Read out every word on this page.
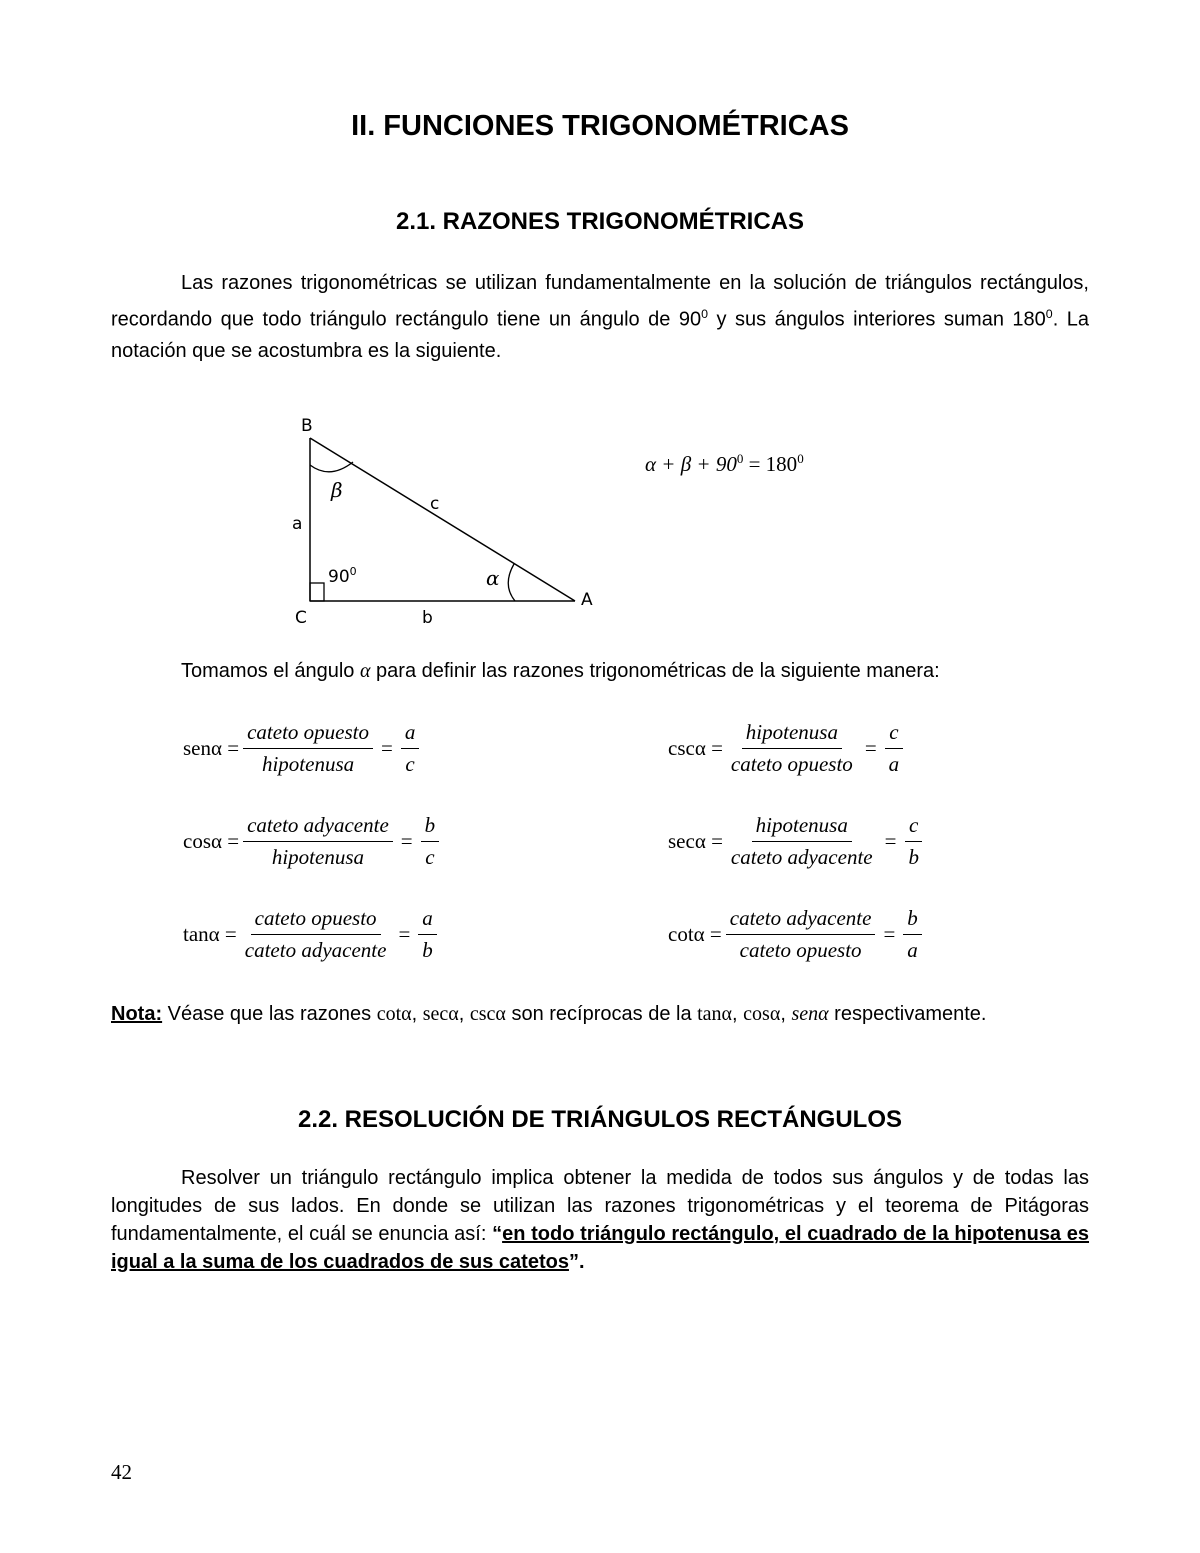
II. FUNCIONES TRIGONOMÉTRICAS
2.1. RAZONES TRIGONOMÉTRICAS
Las razones trigonométricas se utilizan fundamentalmente en la solución de triángulos rectángulos, recordando que todo triángulo rectángulo tiene un ángulo de $90^0$ y sus ángulos interiores suman $180^0$. La notación que se acostumbra es la siguiente.
B
C
A
a
b
c
β
α
$90^0$
$\alpha + \beta + 90^0 = 180^0$
Tomamos el ángulo α para definir las razones trigonométricas de la siguiente manera:
$sen\alpha = \frac{\text{cateto opuesto}}{\text{hipotenusa}} = \frac{a}{c}$	$\csc\alpha = \frac{\text{hipotenusa}}{\text{cateto opuesto}} = \frac{c}{a}$
$\cos\alpha = \frac{\text{cateto adyacente}}{\text{hipotenusa}} = \frac{b}{c}$	$\sec\alpha = \frac{\text{hipotenusa}}{\text{cateto adyacente}} = \frac{c}{b}$
$\tan\alpha = \frac{\text{cateto opuesto}}{\text{cateto adyacente}} = \frac{a}{b}$	$\cot\alpha = \frac{\text{cateto adyacente}}{\text{cateto opuesto}} = \frac{b}{a}$
Nota: Véase que las razones cotα, secα, cscα son recíprocas de la tanα, cosα, senα respectivamente.
2.2. RESOLUCIÓN DE TRIÁNGULOS RECTÁNGULOS
Resolver un triángulo rectángulo implica obtener la medida de todos sus ángulos y de todas las longitudes de sus lados. En donde se utilizan las razones trigonométricas y el teorema de Pitágoras fundamentalmente, el cuál se enuncia así: “en todo triángulo rectángulo, el cuadrado de la hipotenusa es igual a la suma de los cuadrados de sus catetos”.
42
